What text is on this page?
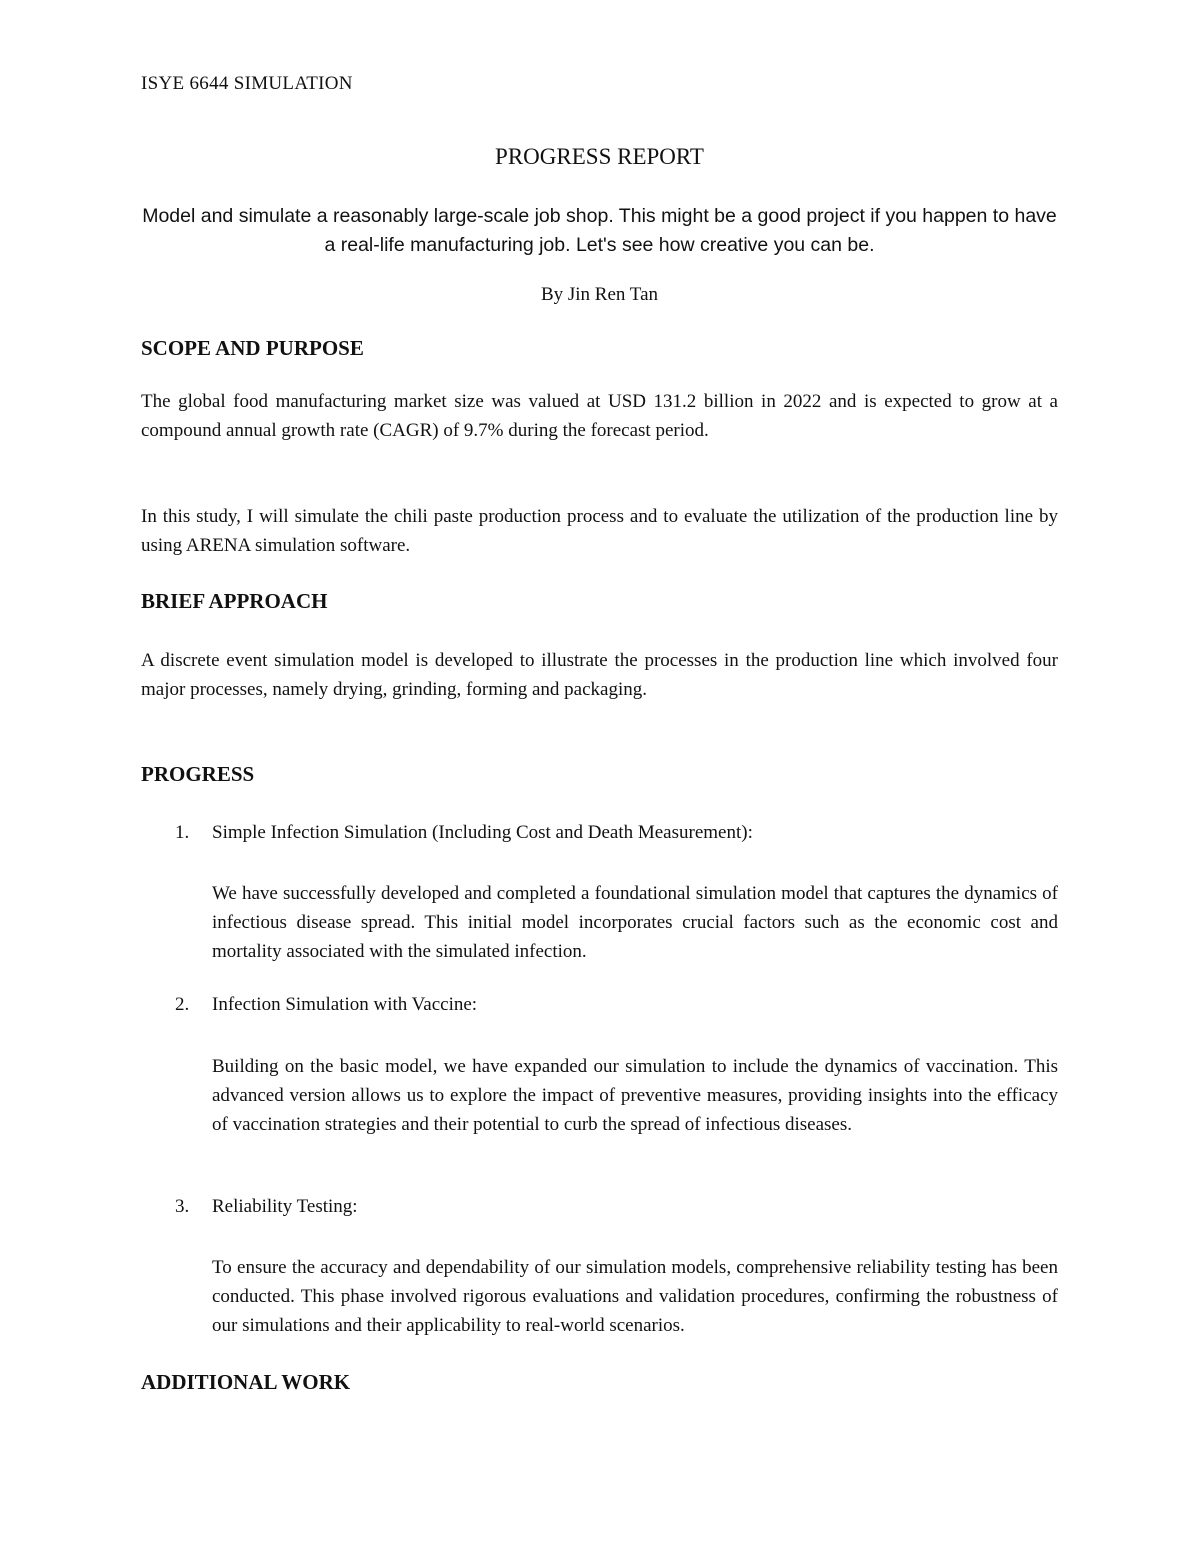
ISYE 6644 SIMULATION
PROGRESS REPORT
Model and simulate a reasonably large-scale job shop. This might be a good project if you happen to have a real-life manufacturing job. Let's see how creative you can be.
By Jin Ren Tan
SCOPE AND PURPOSE
The global food manufacturing market size was valued at USD 131.2 billion in 2022 and is expected to grow at a compound annual growth rate (CAGR) of 9.7% during the forecast period.
In this study, I will simulate the chili paste production process and to evaluate the utilization of the production line by using ARENA simulation software.
BRIEF APPROACH
A discrete event simulation model is developed to illustrate the processes in the production line which involved four major processes, namely drying, grinding, forming and packaging.
PROGRESS
1. Simple Infection Simulation (Including Cost and Death Measurement):
We have successfully developed and completed a foundational simulation model that captures the dynamics of infectious disease spread. This initial model incorporates crucial factors such as the economic cost and mortality associated with the simulated infection.
2. Infection Simulation with Vaccine:
Building on the basic model, we have expanded our simulation to include the dynamics of vaccination. This advanced version allows us to explore the impact of preventive measures, providing insights into the efficacy of vaccination strategies and their potential to curb the spread of infectious diseases.
3. Reliability Testing:
To ensure the accuracy and dependability of our simulation models, comprehensive reliability testing has been conducted. This phase involved rigorous evaluations and validation procedures, confirming the robustness of our simulations and their applicability to real-world scenarios.
ADDITIONAL WORK
